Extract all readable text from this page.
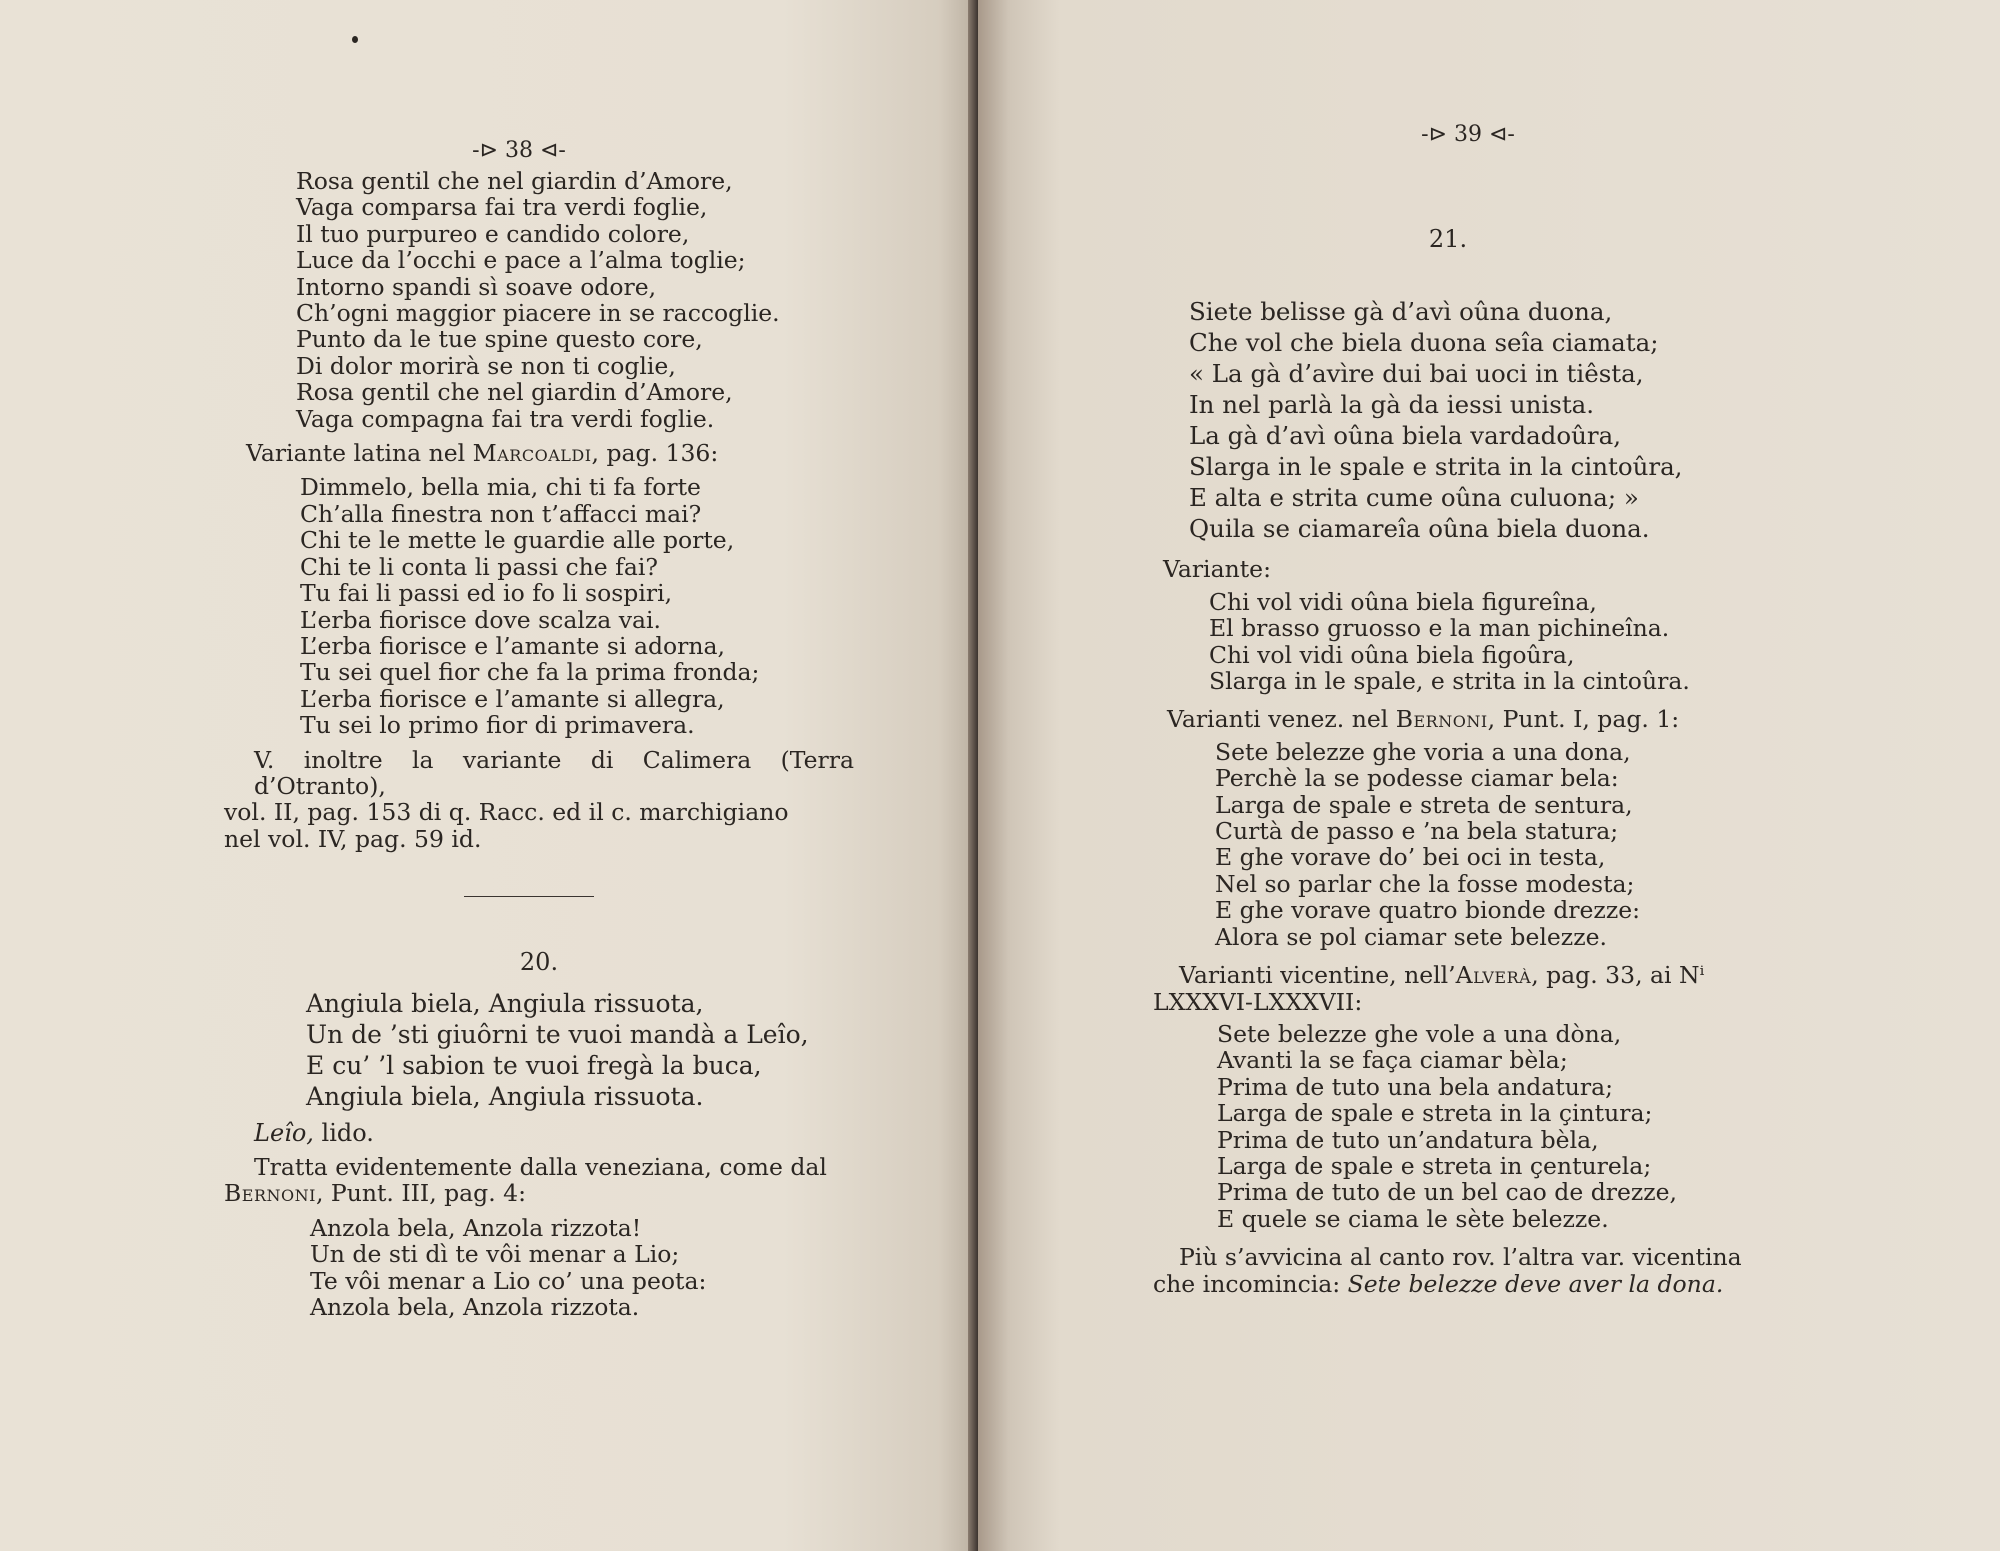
-⊳ 38 ⊲-

Rosa gentil che nel giardin d’Amore,
Vaga comparsa fai tra verdi foglie,
Il tuo purpureo e candido colore,
Luce da l’occhi e pace a l’alma toglie;
Intorno spandi sì soave odore,
Ch’ogni maggior piacere in se raccoglie.
Punto da le tue spine questo core,
Di dolor morirà se non ti coglie,
Rosa gentil che nel giardin d’Amore,
Vaga compagna fai tra verdi foglie.

Variante latina nel Marcoaldi, pag. 136:

Dimmelo, bella mia, chi ti fa forte
Ch’alla finestra non t’affacci mai?
Chi te le mette le guardie alle porte,
Chi te li conta li passi che fai?
Tu fai li passi ed io fo li sospiri,
L’erba fiorisce dove scalza vai.
L’erba fiorisce e l’amante si adorna,
Tu sei quel fior che fa la prima fronda;
L’erba fiorisce e l’amante si allegra,
Tu sei lo primo fior di primavera.
V. inoltre la variante di Calimera (Terra d’Otranto),
vol. II, pag. 153 di q. Racc. ed il c. marchigiano
nel vol. IV, pag. 59 id.
20.
Angiula biela, Angiula rissuota,
Un de ’sti giuôrni te vuoi mandà a Leîo,
E cu’ ’l sabion te vuoi fregà la buca,
Angiula biela, Angiula rissuota.

Leîo, lido.

Tratta evidentemente dalla veneziana, come dal
Bernoni, Punt. III, pag. 4:
Anzola bela, Anzola rizzota!
Un de sti dì te vôi menar a Lio;
Te vôi menar a Lio co’ una peota:
Anzola bela, Anzola rizzota.

-⊳ 39 ⊲-

21.
Siete belisse gà d’avì oûna duona,
Che vol che biela duona seîa ciamata;
« La gà d’avìre dui bai uoci in tiêsta,
In nel parlà la gà da iessi unista.
La gà d’avì oûna biela vardadoûra,
Slarga in le spale e strita in la cintoûra,
E alta e strita cume oûna culuona; »
Quila se ciamareîa oûna biela duona.

Variante:

Chi vol vidi oûna biela figureîna,
El brasso gruosso e la man pichineîna.
Chi vol vidi oûna biela figoûra,
Slarga in le spale, e strita in la cintoûra.

Varianti venez. nel Bernoni, Punt. I, pag. 1:

Sete belezze ghe voria a una dona,
Perchè la se podesse ciamar bela:
Larga de spale e streta de sentura,
Curtà de passo e ’na bela statura;
E ghe vorave do’ bei oci in testa,
Nel so parlar che la fosse modesta;
E ghe vorave quatro bionde drezze:
Alora se pol ciamar sete belezze.
Varianti vicentine, nell’Alverà, pag. 33, ai Nⁱ
LXXXVI-LXXXVII:
Sete belezze ghe vole a una dòna,
Avanti la se faça ciamar bèla;
Prima de tuto una bela andatura;
Larga de spale e streta in la çintura;
Prima de tuto un’andatura bèla,
Larga de spale e streta in çenturela;
Prima de tuto de un bel cao de drezze,
E quele se ciama le sète belezze.
Più s’avvicina al canto rov. l’altra var. vicentina
che incomincia: Sete belezze deve aver la dona.
